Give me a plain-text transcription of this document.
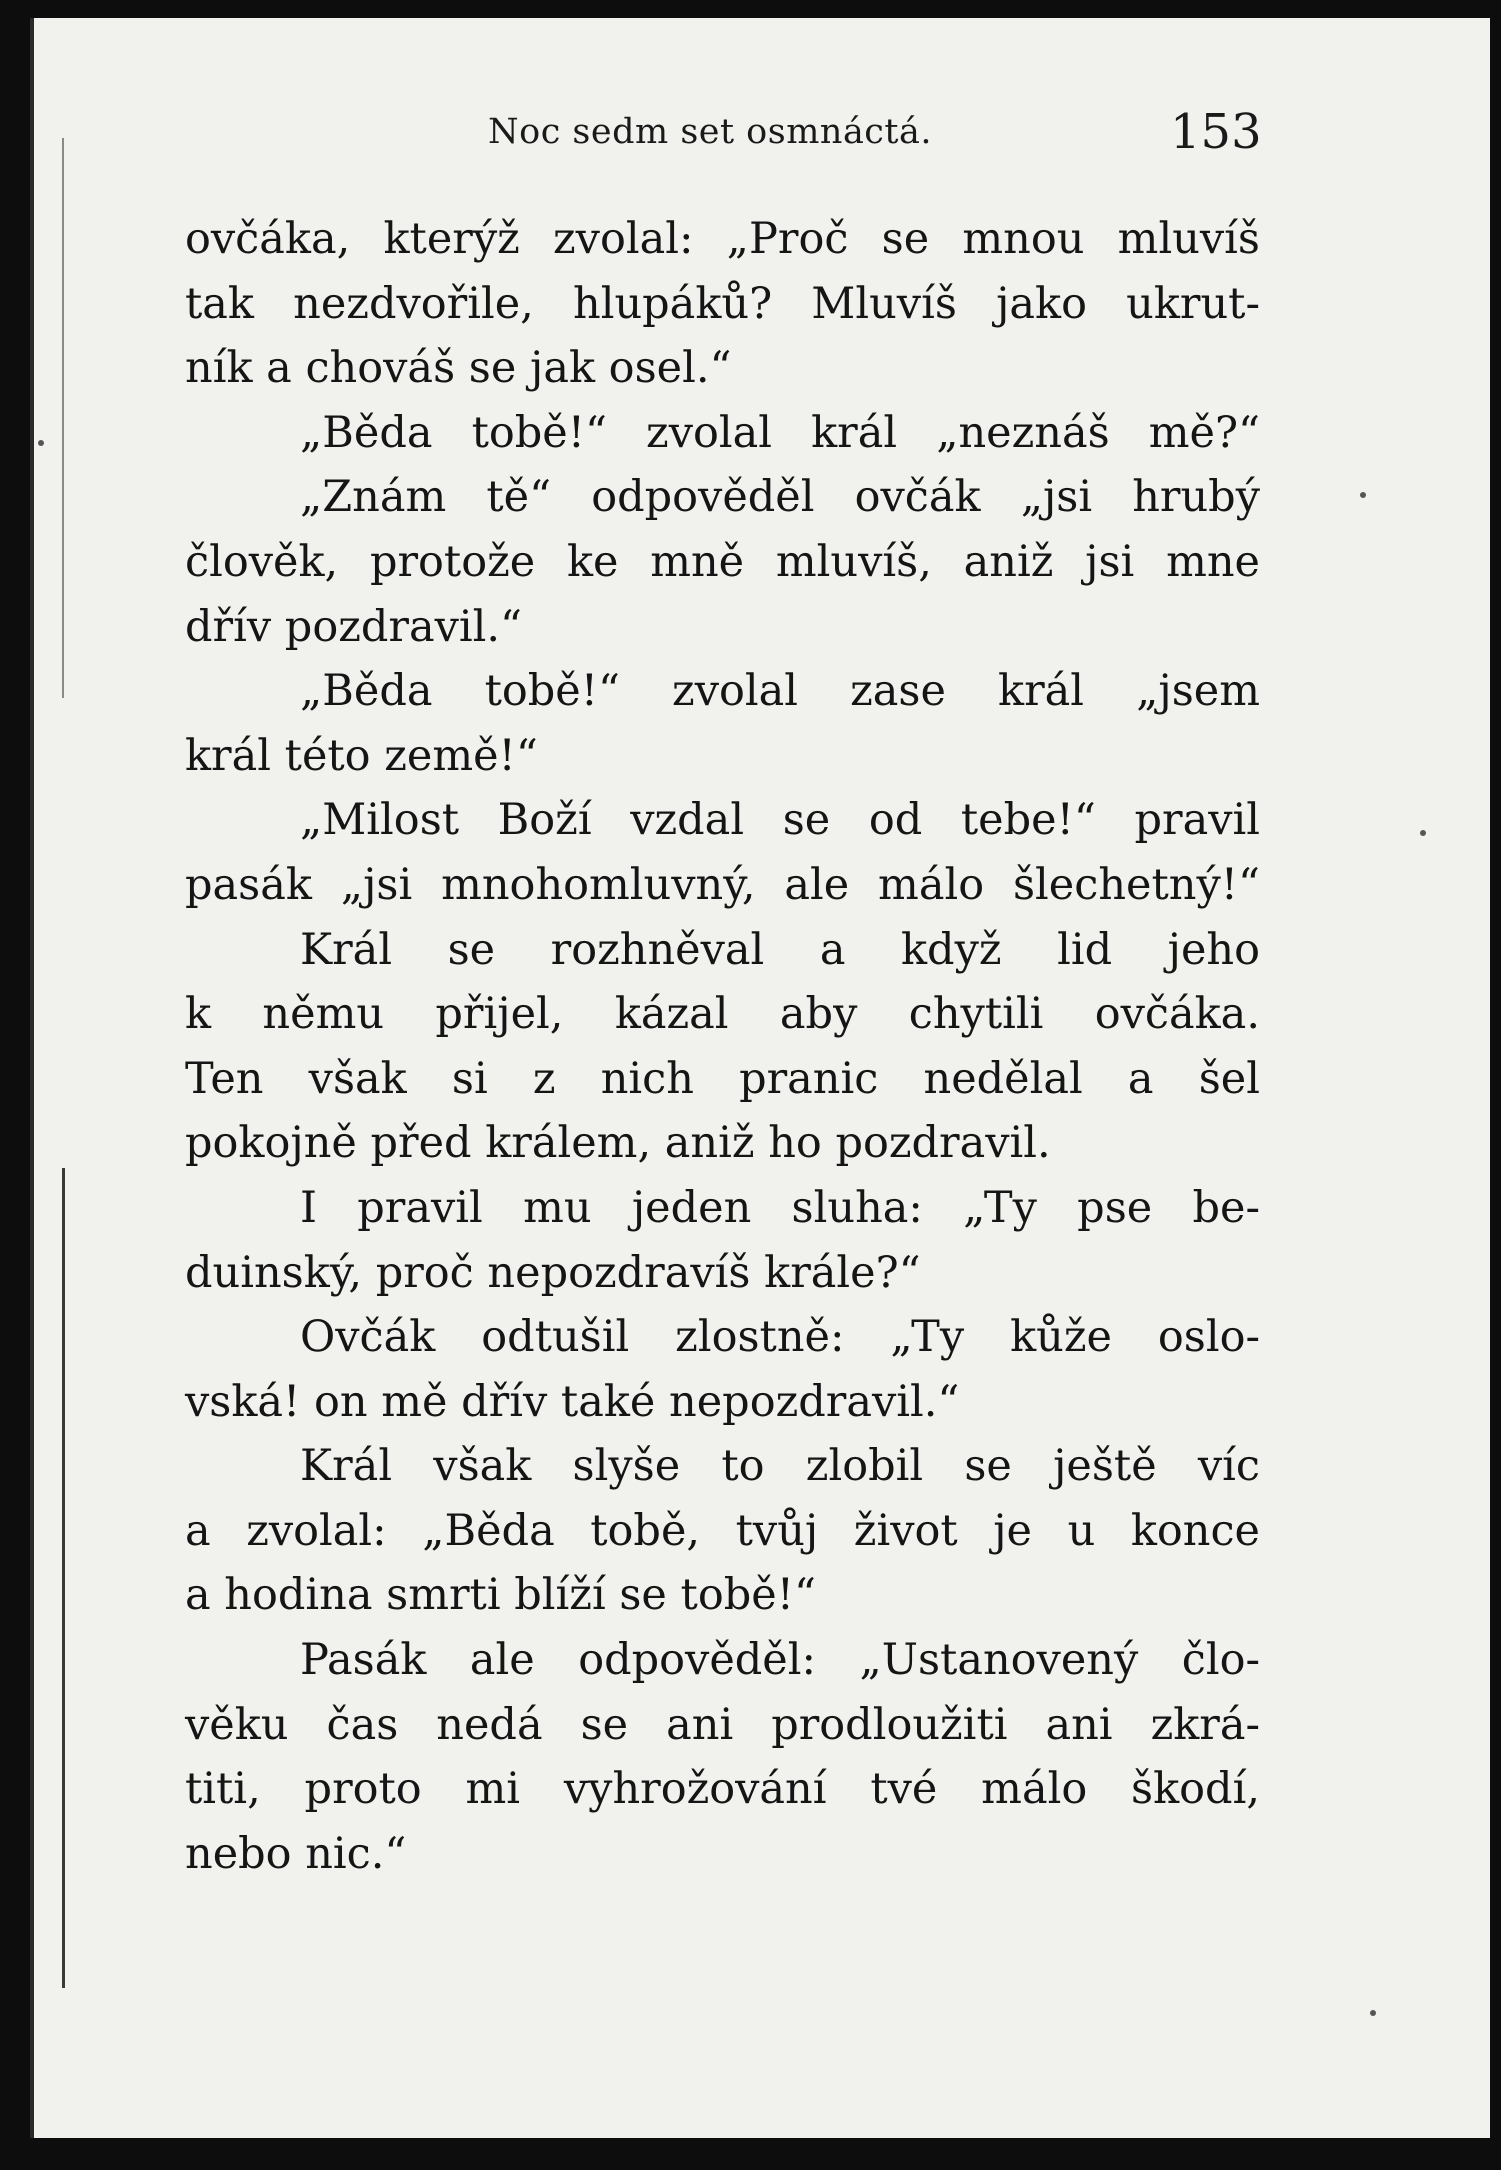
Noc sedm set osmnáctá.	153
ovčáka, kterýž zvolal: „Proč se mnou mluvíš
tak nezdvořile, hlupáků? Mluvíš jako ukrut-
ník a chováš se jak osel.“
„Běda tobě!“ zvolal král „neznáš mě?“
„Znám tě“ odpověděl ovčák „jsi hrubý
člověk, protože ke mně mluvíš, aniž jsi mne
dřív pozdravil.“
„Běda tobě!“ zvolal zase král „jsem
král této země!“
„Milost Boží vzdal se od tebe!“ pravil
pasák „jsi mnohomluvný, ale málo šlechetný!“
Král se rozhněval a když lid jeho
k němu přijel, kázal aby chytili ovčáka.
Ten však si z nich pranic nedělal a šel
pokojně před králem, aniž ho pozdravil.
I pravil mu jeden sluha: „Ty pse be-
duinský, proč nepozdravíš krále?“
Ovčák odtušil zlostně: „Ty kůže oslo-
vská! on mě dřív také nepozdravil.“
Král však slyše to zlobil se ještě víc
a zvolal: „Běda tobě, tvůj život je u konce
a hodina smrti blíží se tobě!“
Pasák ale odpověděl: „Ustanovený člo-
věku čas nedá se ani prodloužiti ani zkrá-
titi, proto mi vyhrožování tvé málo škodí,
nebo nic.“
